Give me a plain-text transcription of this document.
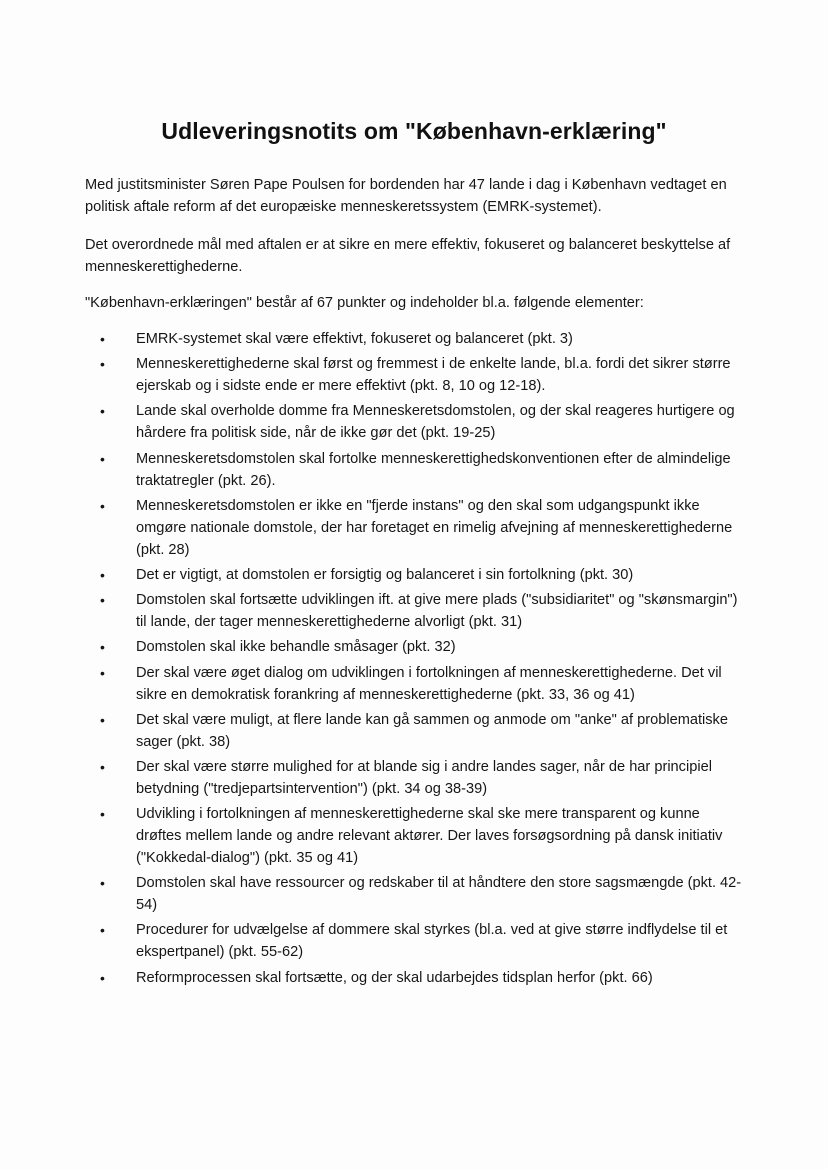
Udleveringsnotits om "København-erklæring"

Med justitsminister Søren Pape Poulsen for bordenden har 47 lande i dag i København vedtaget en politisk aftale reform af det europæiske menneskeretssystem (EMRK-systemet).

Det overordnede mål med aftalen er at sikre en mere effektiv, fokuseret og balanceret beskyttelse af menneskerettighederne.

"København-erklæringen" består af 67 punkter og indeholder bl.a. følgende elementer:

• EMRK-systemet skal være effektivt, fokuseret og balanceret (pkt. 3)
• Menneskerettighederne skal først og fremmest i de enkelte lande, bl.a. fordi det sikrer større ejerskab og i sidste ende er mere effektivt (pkt. 8, 10 og 12-18).
• Lande skal overholde domme fra Menneskeretsdomstolen, og der skal reageres hurtigere og hårdere fra politisk side, når de ikke gør det (pkt. 19-25)
• Menneskeretsdomstolen skal fortolke menneskerettighedskonventionen efter de almindelige traktatregler (pkt. 26).
• Menneskeretsdomstolen er ikke en "fjerde instans" og den skal som udgangspunkt ikke omgøre nationale domstole, der har foretaget en rimelig afvejning af menneskerettighederne (pkt. 28)
• Det er vigtigt, at domstolen er forsigtig og balanceret i sin fortolkning (pkt. 30)
• Domstolen skal fortsætte udviklingen ift. at give mere plads ("subsidiaritet" og "skønsmargin") til lande, der tager menneskerettighederne alvorligt (pkt. 31)
• Domstolen skal ikke behandle småsager (pkt. 32)
• Der skal være øget dialog om udviklingen i fortolkningen af menneskerettighederne. Det vil sikre en demokratisk forankring af menneskerettighederne (pkt. 33, 36 og 41)
• Det skal være muligt, at flere lande kan gå sammen og anmode om "anke" af problematiske sager (pkt. 38)
• Der skal være større mulighed for at blande sig i andre landes sager, når de har principiel betydning ("tredjepartsintervention") (pkt. 34 og 38-39)
• Udvikling i fortolkningen af menneskerettighederne skal ske mere transparent og kunne drøftes mellem lande og andre relevant aktører. Der laves forsøgsordning på dansk initiativ ("Kokkedal-dialog") (pkt. 35 og 41)
• Domstolen skal have ressourcer og redskaber til at håndtere den store sagsmængde (pkt. 42-54)
• Procedurer for udvælgelse af dommere skal styrkes (bl.a. ved at give større indflydelse til et ekspertpanel) (pkt. 55-62)
• Reformprocessen skal fortsætte, og der skal udarbejdes tidsplan herfor (pkt. 66)
